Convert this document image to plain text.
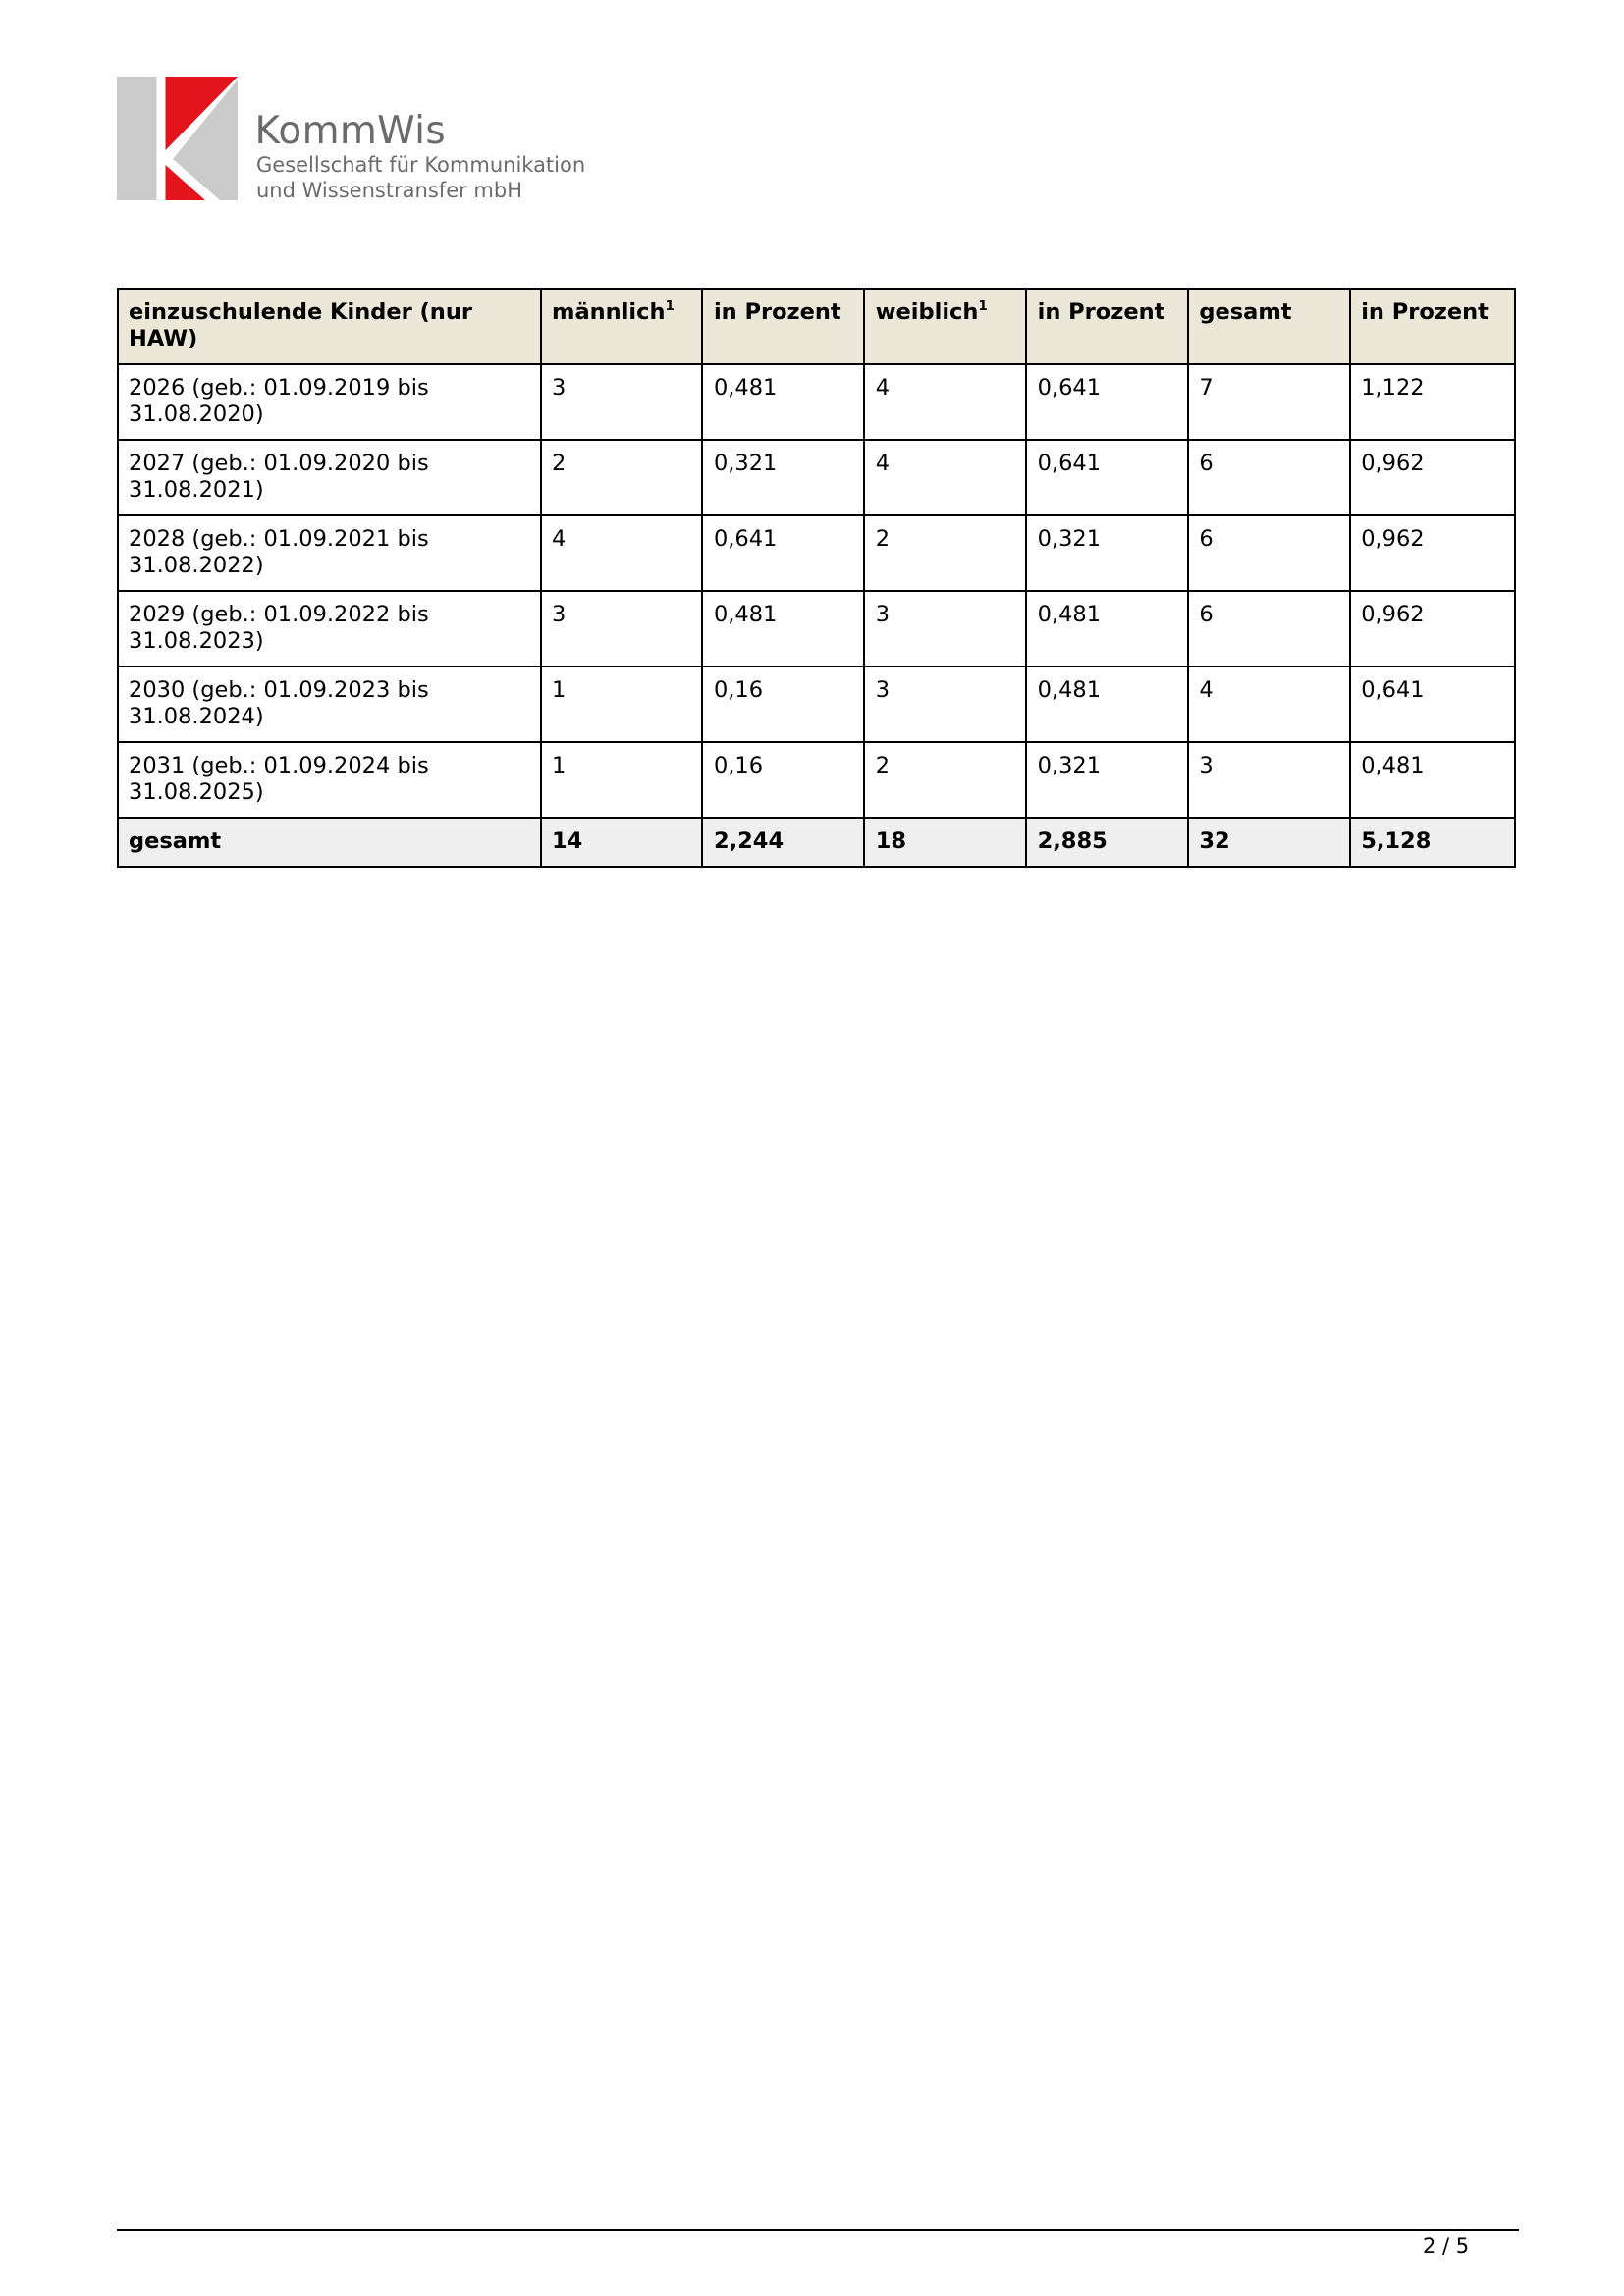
KommWis
Gesellschaft für Kommunikation
und Wissenstransfer mbH
einzuschulende Kinder (nur HAW)	männlich$^1$	in Prozent	weiblich$^1$	in Prozent	gesamt	in Prozent
2026 (geb.: 01.09.2019 bis 31.08.2020)	3	0,481	4	0,641	7	1,122
2027 (geb.: 01.09.2020 bis 31.08.2021)	2	0,321	4	0,641	6	0,962
2028 (geb.: 01.09.2021 bis 31.08.2022)	4	0,641	2	0,321	6	0,962
2029 (geb.: 01.09.2022 bis 31.08.2023)	3	0,481	3	0,481	6	0,962
2030 (geb.: 01.09.2023 bis 31.08.2024)	1	0,16	3	0,481	4	0,641
2031 (geb.: 01.09.2024 bis 31.08.2025)	1	0,16	2	0,321	3	0,481
gesamt	14	2,244	18	2,885	32	5,128
2 / 5
